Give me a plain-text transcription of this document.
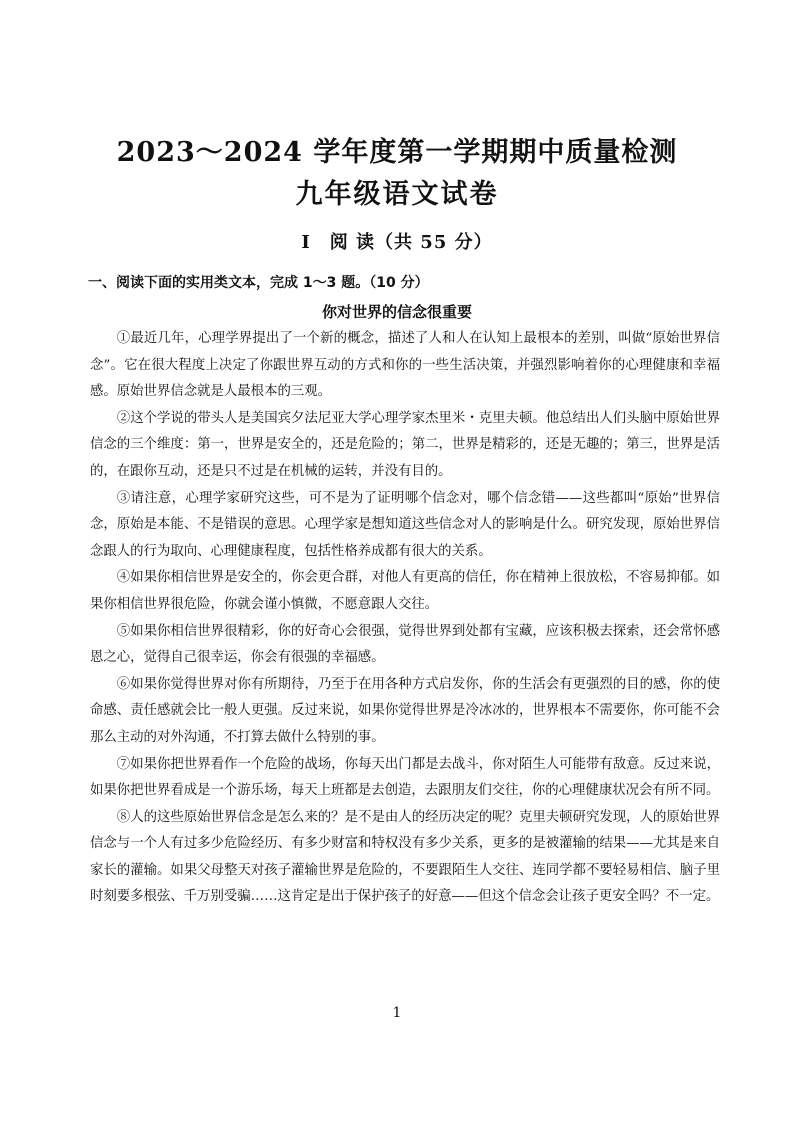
2023～2024 学年度第一学期期中质量检测
九年级语文试卷
Ⅰ　阅 读（共 55 分）
一、阅读下面的实用类文本，完成 1～3 题。（10 分）
你对世界的信念很重要

①最近几年，心理学界提出了一个新的概念，描述了人和人在认知上最根本的差别，叫做“原始世界信念”。它在很大程度上决定了你跟世界互动的方式和你的一些生活决策，并强烈影响着你的心理健康和幸福感。原始世界信念就是人最根本的三观。

②这个学说的带头人是美国宾夕法尼亚大学心理学家杰里米・克里夫顿。他总结出人们头脑中原始世界信念的三个维度：第一，世界是安全的，还是危险的；第二，世界是精彩的，还是无趣的；第三，世界是活的，在跟你互动，还是只不过是在机械的运转，并没有目的。

③请注意，心理学家研究这些，可不是为了证明哪个信念对，哪个信念错——这些都叫“原始”世界信念，原始是本能、不是错误的意思。心理学家是想知道这些信念对人的影响是什么。研究发现，原始世界信念跟人的行为取向、心理健康程度，包括性格养成都有很大的关系。

④如果你相信世界是安全的，你会更合群，对他人有更高的信任，你在精神上很放松，不容易抑郁。如果你相信世界很危险，你就会谨小慎微，不愿意跟人交往。

⑤如果你相信世界很精彩，你的好奇心会很强，觉得世界到处都有宝藏，应该积极去探索，还会常怀感恩之心，觉得自己很幸运，你会有很强的幸福感。

⑥如果你觉得世界对你有所期待，乃至于在用各种方式启发你，你的生活会有更强烈的目的感，你的使命感、责任感就会比一般人更强。反过来说，如果你觉得世界是冷冰冰的，世界根本不需要你，你可能不会那么主动的对外沟通，不打算去做什么特别的事。

⑦如果你把世界看作一个危险的战场，你每天出门都是去战斗，你对陌生人可能带有敌意。反过来说，如果你把世界看成是一个游乐场，每天上班都是去创造，去跟朋友们交往，你的心理健康状况会有所不同。

⑧人的这些原始世界信念是怎么来的？是不是由人的经历决定的呢？克里夫顿研究发现，人的原始世界信念与一个人有过多少危险经历、有多少财富和特权没有多少关系，更多的是被灌输的结果——尤其是来自家长的灌输。如果父母整天对孩子灌输世界是危险的，不要跟陌生人交往、连同学都不要轻易相信、脑子里时刻要多根弦、千万别受骗……这肯定是出于保护孩子的好意——但这个信念会让孩子更安全吗？不一定。

1
